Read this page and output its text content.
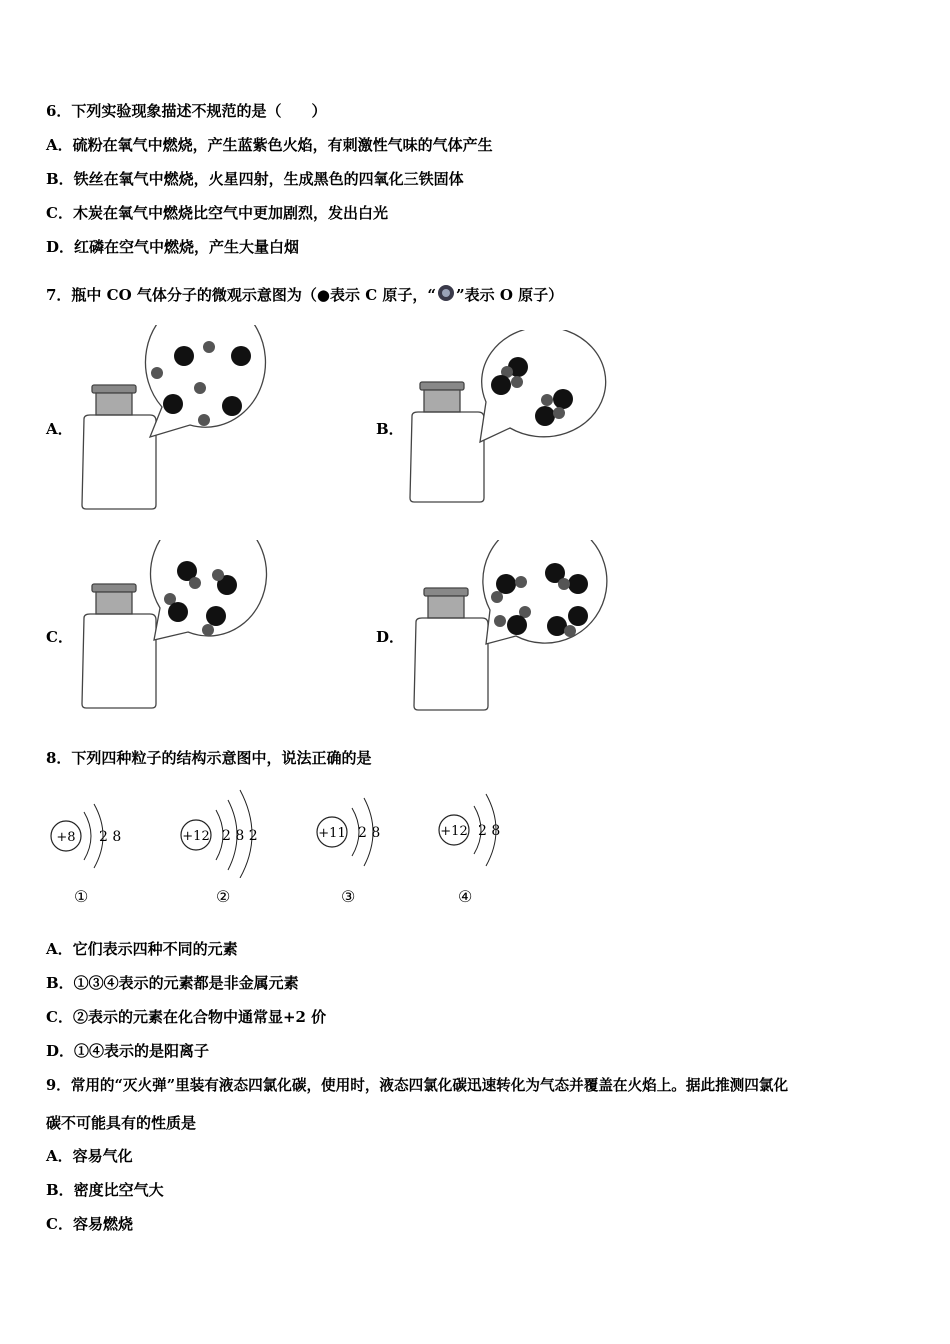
6．下列实验现象描述不规范的是（　　）
A．硫粉在氧气中燃烧，产生蓝紫色火焰，有刺激性气味的气体产生
B．铁丝在氧气中燃烧，火星四射，生成黑色的四氧化三铁固体
C．木炭在氧气中燃烧比空气中更加剧烈，发出白光
D．红磷在空气中燃烧，产生大量白烟
7．瓶中 CO 气体分子的微观示意图为（●表示 C 原子，“ ”表示 O 原子）
A．	B．
C．	D．
8．下列四种粒子的结构示意图中，说法正确的是
+8 2 8
①
+12 2 8 2
②
+11 2 8
③
+12 2 8
④
A．它们表示四种不同的元素
B．①③④表示的元素都是非金属元素
C．②表示的元素在化合物中通常显+2 价
D．①④表示的是阳离子
9．常用的“灭火弹”里装有液态四氯化碳，使用时，液态四氯化碳迅速转化为气态并覆盖在火焰上。据此推测四氯化
碳不可能具有的性质是
A．容易气化
B．密度比空气大
C．容易燃烧
